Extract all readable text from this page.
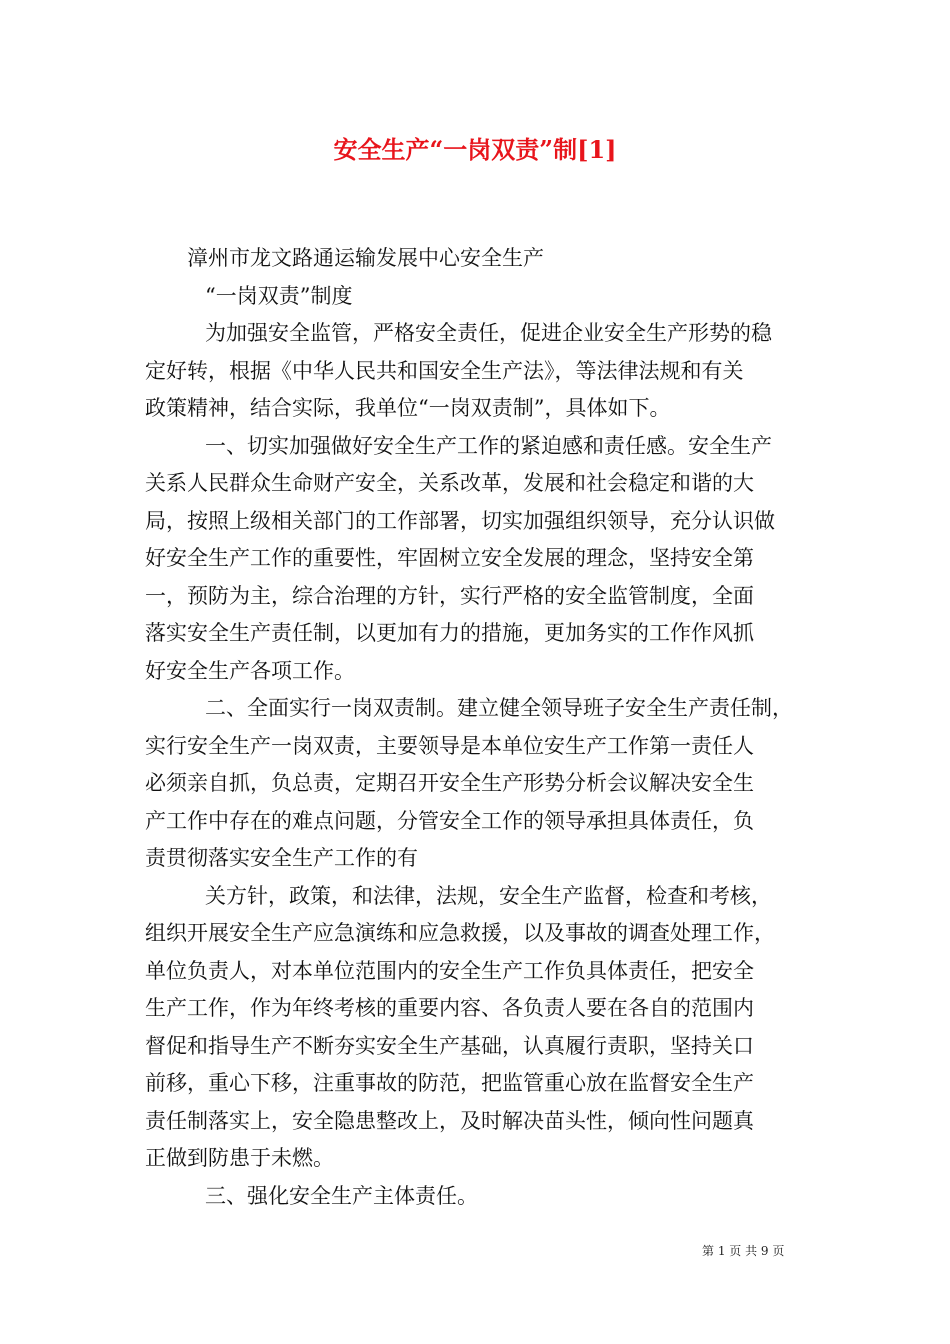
安全生产“一岗双责”制[1]

漳州市龙文路通运输发展中心安全生产

“一岗双责”制度

为加强安全监管，严格安全责任，促进企业安全生产形势的稳

定好转，根据《中华人民共和国安全生产法》，等法律法规和有关

政策精神，结合实际，我单位“一岗双责制”，具体如下。

一、切实加强做好安全生产工作的紧迫感和责任感。安全生产

关系人民群众生命财产安全，关系改革，发展和社会稳定和谐的大

局，按照上级相关部门的工作部署，切实加强组织领导，充分认识做

好安全生产工作的重要性，牢固树立安全发展的理念，坚持安全第

一，预防为主，综合治理的方针，实行严格的安全监管制度，全面

落实安全生产责任制，以更加有力的措施，更加务实的工作作风抓

好安全生产各项工作。

二、全面实行一岗双责制。建立健全领导班子安全生产责任制，

实行安全生产一岗双责，主要领导是本单位安生产工作第一责任人

必须亲自抓，负总责，定期召开安全生产形势分析会议解决安全生

产工作中存在的难点问题，分管安全工作的领导承担具体责任，负

责贯彻落实安全生产工作的有

关方针，政策，和法律，法规，安全生产监督，检查和考核，

组织开展安全生产应急演练和应急救援，以及事故的调查处理工作，

单位负责人，对本单位范围内的安全生产工作负具体责任，把安全

生产工作，作为年终考核的重要内容、各负责人要在各自的范围内

督促和指导生产不断夯实安全生产基础，认真履行责职，坚持关口

前移，重心下移，注重事故的防范，把监管重心放在监督安全生产

责任制落实上，安全隐患整改上，及时解决苗头性，倾向性问题真

正做到防患于未燃。

三、强化安全生产主体责任。

第 1 页 共 9 页
